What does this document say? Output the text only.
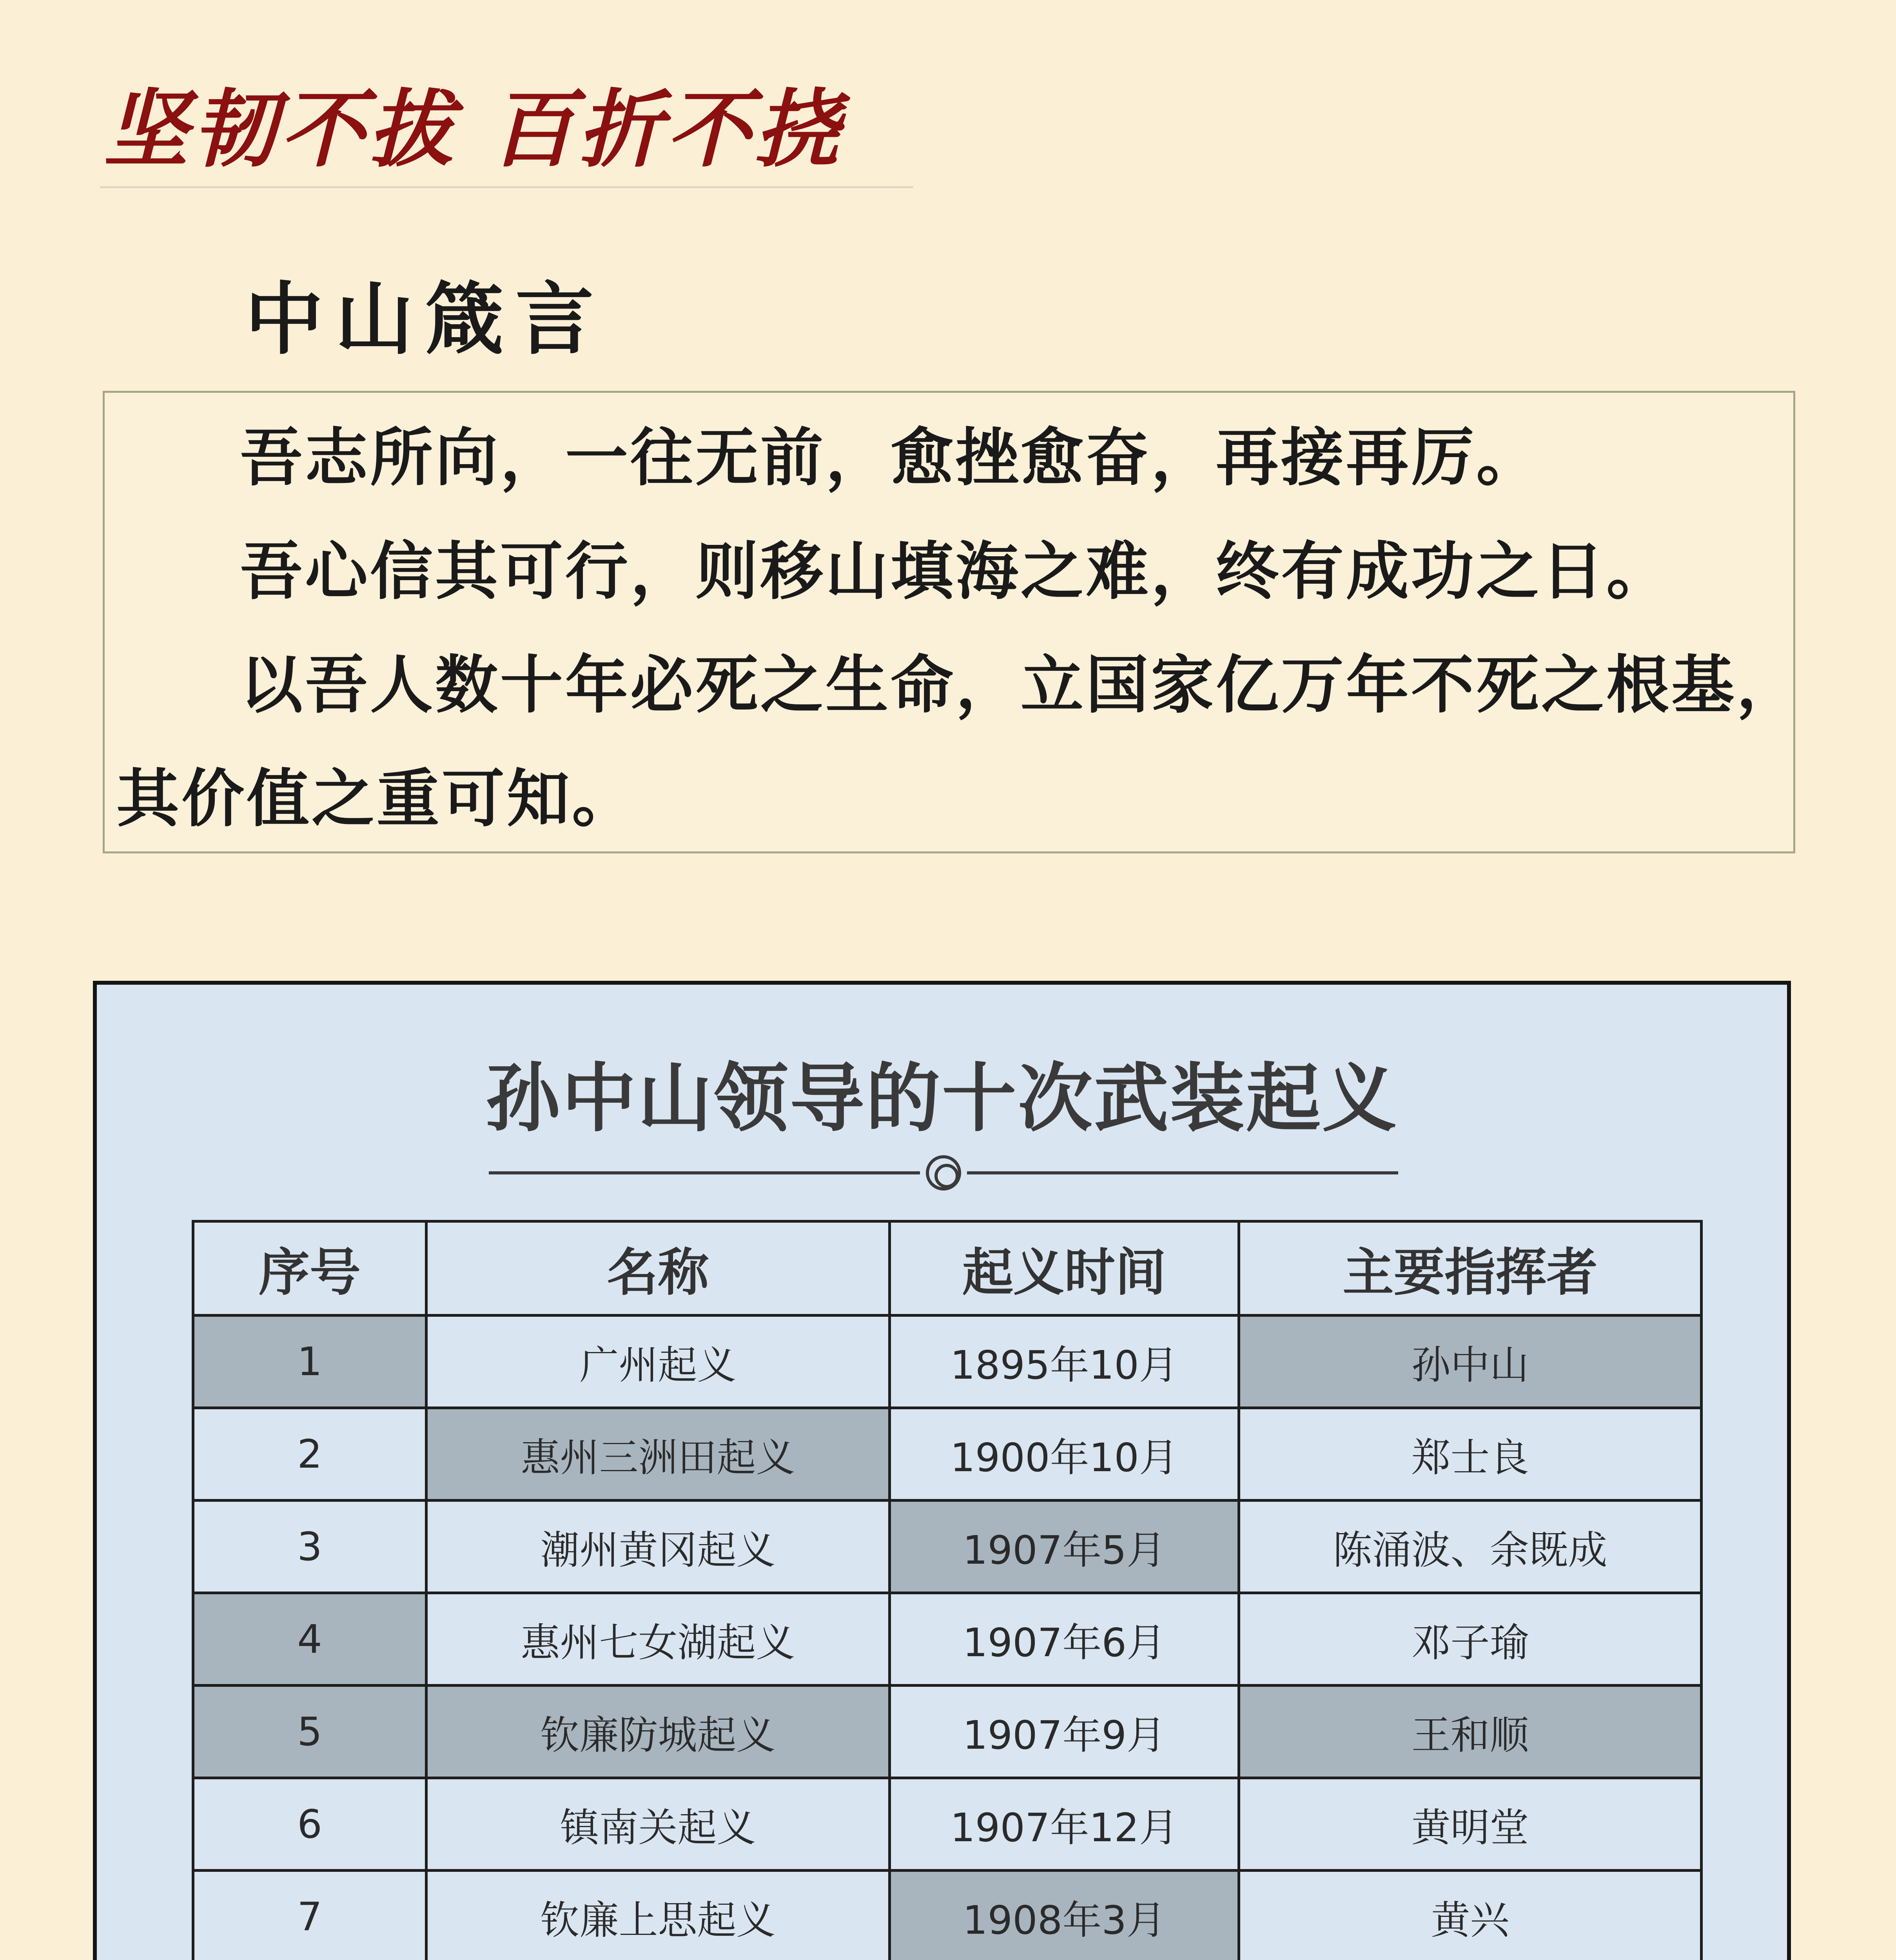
坚韧不拔 百折不挠
中山箴言
吾志所向，一往无前，愈挫愈奋，再接再厉。
吾心信其可行，则移山填海之难，终有成功之日。
以吾人数十年必死之生命，立国家亿万年不死之根基，
其价值之重可知。
孙中山领导的十次武装起义
序号	名称	起义时间	主要指挥者
1	广州起义	1895年10月	孙中山
2	惠州三洲田起义	1900年10月	郑士良
3	潮州黄冈起义	1907年5月	陈涌波、余既成
4	惠州七女湖起义	1907年6月	邓子瑜
5	钦廉防城起义	1907年9月	王和顺
6	镇南关起义	1907年12月	黄明堂
7	钦廉上思起义	1908年3月	黄兴
